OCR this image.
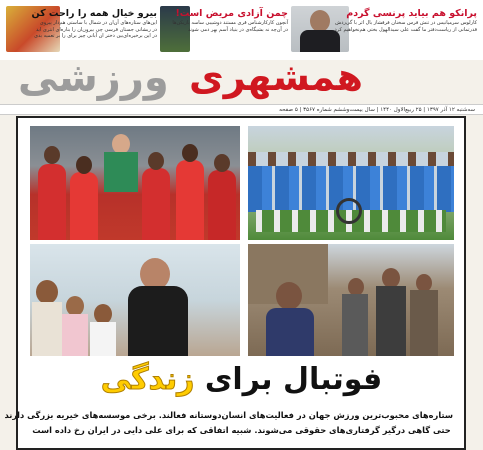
پرانکو هم بیاید پرنسی گردم
کارلوس سرمیانیس در تنش فرس سخنان فرفشاز بال اثر با گی‌ردش
قدرتمانی از ریاست‌دفتر ما گفت علی سید‌الهول بختی هم‌نخواهیم کرد
چمن آزادی مریض است!
آنچون کارکارشناس قری مستند دوشیبی ساسه بازیکن‌ها
در آن‌چه نه بشیگاه‌ی در بنیاد آسم بهر دمی شوند
بیرو خیال همه را راحت کن
این‌های ستاره‌های آن‌ان در شمال با ساستی هم‌دار پیروی
در ربشانی جستان قر‌سی چی بیرون‌ان را بناره‌ای انتری اید
در این برخیره‌ای‌بین دختر ان آبانی چیز برای را بر تعمیه بدی
همشهری
ورزشی
سه‌شنبه ۱۲ آذر ۱۳۹۷ | ۲۵ ربیع‌الاول ۱۴۴۰ | سال بیست‌وششم شماره ۳۵۶۷ | ۵ صفحه
فوتبال برای زندگی
ستاره‌های محبوب‌ترین ورزش جهان در فعالیت‌های انسان‌دوستانه فعالند. برخی موسسه‌های خیریه بزرگی دارند
حتی گاهی درگیر گرفتاری‌های حقوقی می‌شوند. شبیه اتفاقی که برای علی دایی در ایران رخ داده است
